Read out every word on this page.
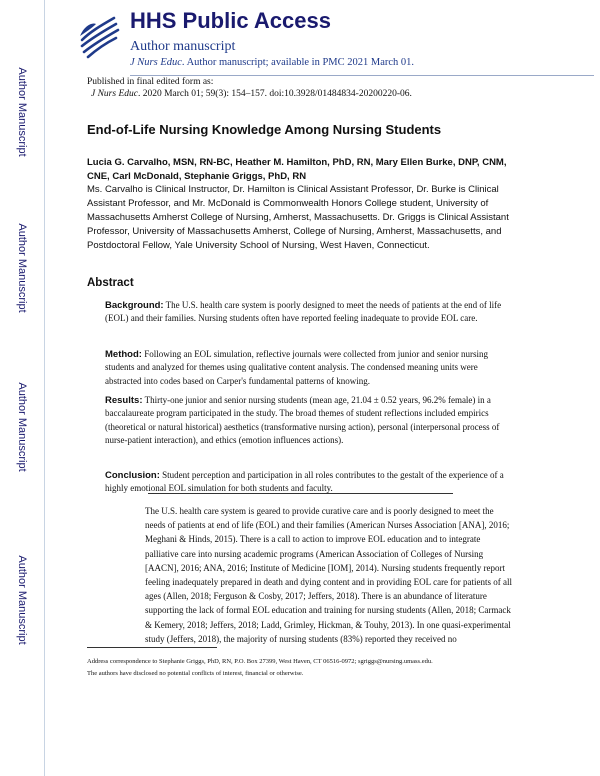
Author Manuscript
Author Manuscript
Author Manuscript
Author Manuscript
HHS Public Access
Author manuscript
J Nurs Educ. Author manuscript; available in PMC 2021 March 01.
Published in final edited form as:
J Nurs Educ. 2020 March 01; 59(3): 154–157. doi:10.3928/01484834-20200220-06.
End-of-Life Nursing Knowledge Among Nursing Students
Lucia G. Carvalho, MSN, RN-BC, Heather M. Hamilton, PhD, RN, Mary Ellen Burke, DNP, CNM, CNE, Carl McDonald, Stephanie Griggs, PhD, RN
Ms. Carvalho is Clinical Instructor, Dr. Hamilton is Clinical Assistant Professor, Dr. Burke is Clinical Assistant Professor, and Mr. McDonald is Commonwealth Honors College student, University of Massachusetts Amherst College of Nursing, Amherst, Massachusetts. Dr. Griggs is Clinical Assistant Professor, University of Massachusetts Amherst, College of Nursing, Amherst, Massachusetts, and Postdoctoral Fellow, Yale University School of Nursing, West Haven, Connecticut.
Abstract
Background: The U.S. health care system is poorly designed to meet the needs of patients at the end of life (EOL) and their families. Nursing students often have reported feeling inadequate to provide EOL care.
Method: Following an EOL simulation, reflective journals were collected from junior and senior nursing students and analyzed for themes using qualitative content analysis. The condensed meaning units were abstracted into codes based on Carper's fundamental patterns of knowing.
Results: Thirty-one junior and senior nursing students (mean age, 21.04 ± 0.52 years, 96.2% female) in a baccalaureate program participated in the study. The broad themes of student reflections included empirics (theoretical or natural historical) aesthetics (transformative nursing action), personal (interpersonal process of nurse-patient interaction), and ethics (emotion influences actions).
Conclusion: Student perception and participation in all roles contributes to the gestalt of the experience of a highly emotional EOL simulation for both students and faculty.
The U.S. health care system is geared to provide curative care and is poorly designed to meet the needs of patients at end of life (EOL) and their families (American Nurses Association [ANA], 2016; Meghani & Hinds, 2015). There is a call to action to improve EOL education and to integrate palliative care into nursing academic programs (American Association of Colleges of Nursing [AACN], 2016; ANA, 2016; Institute of Medicine [IOM], 2014). Nursing students frequently report feeling inadequately prepared in death and dying content and in providing EOL care for patients of all ages (Allen, 2018; Ferguson & Cosby, 2017; Jeffers, 2018). There is an abundance of literature supporting the lack of formal EOL education and training for nursing students (Allen, 2018; Carmack & Kemery, 2018; Jeffers, 2018; Ladd, Grimley, Hickman, & Touhy, 2013). In one quasi-experimental study (Jeffers, 2018), the majority of nursing students (83%) reported they received no
Address correspondence to Stephanie Griggs, PhD, RN, P.O. Box 27399, West Haven, CT 06516-0972; sgriggs@nursing.umass.edu.
The authors have disclosed no potential conflicts of interest, financial or otherwise.
